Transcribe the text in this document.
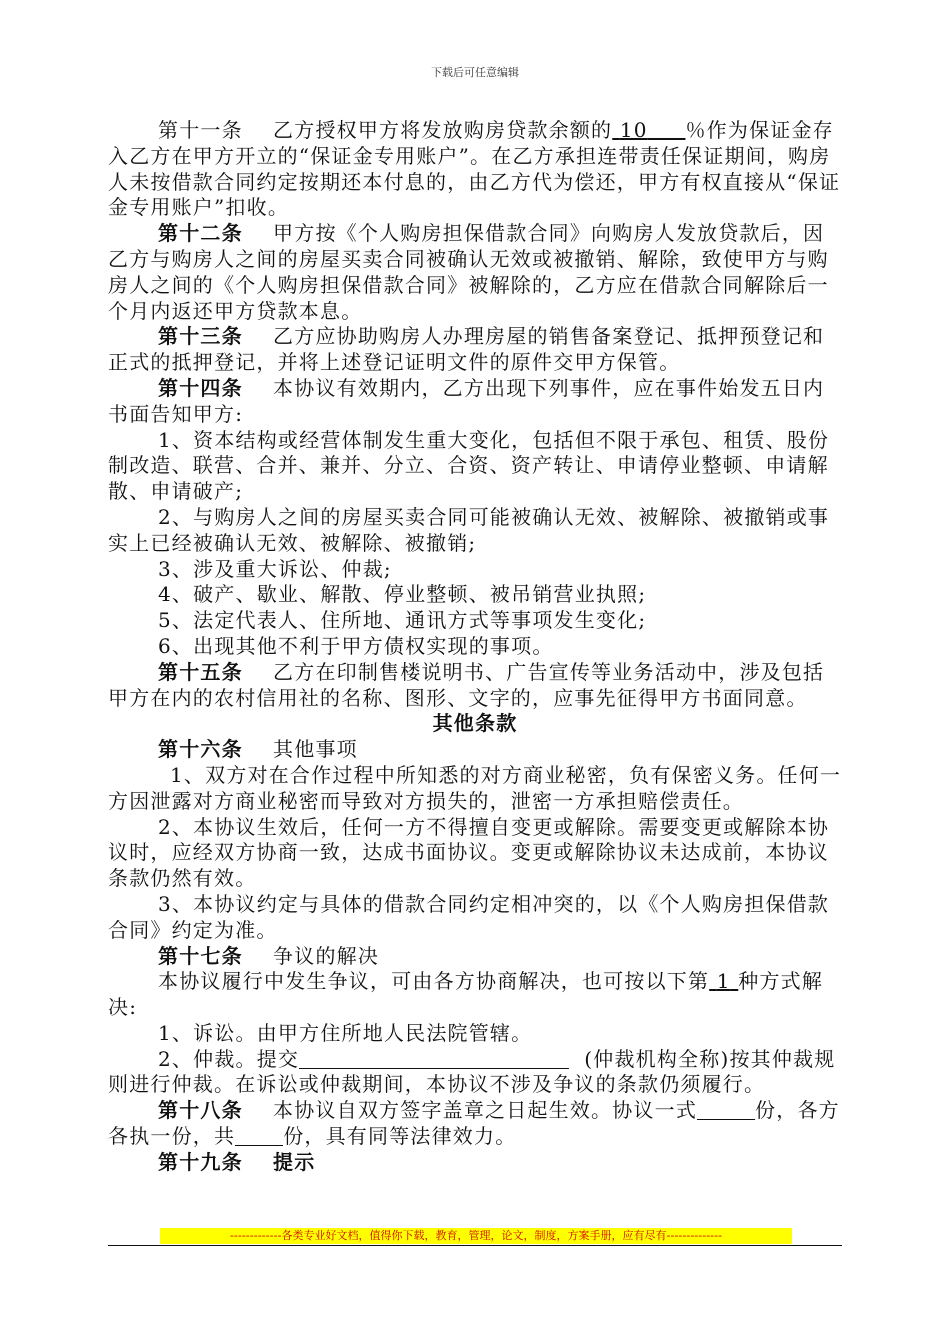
下载后可任意编辑

第十一条 乙方授权甲方将发放购房贷款余额的 10 ％作为保证金存入乙方在甲方开立的“保证金专用账户”。在乙方承担连带责任保证期间，购房人未按借款合同约定按期还本付息的，由乙方代为偿还，甲方有权直接从“保证金专用账户”扣收。

第十二条 甲方按《个人购房担保借款合同》向购房人发放贷款后，因乙方与购房人之间的房屋买卖合同被确认无效或被撤销、解除，致使甲方与购房人之间的《个人购房担保借款合同》被解除的，乙方应在借款合同解除后一个月内返还甲方贷款本息。

第十三条 乙方应协助购房人办理房屋的销售备案登记、抵押预登记和正式的抵押登记，并将上述登记证明文件的原件交甲方保管。

第十四条 本协议有效期内，乙方出现下列事件，应在事件始发五日内书面告知甲方:

1、资本结构或经营体制发生重大变化，包括但不限于承包、租赁、股份制改造、联营、合并、兼并、分立、合资、资产转让、申请停业整顿、申请解散、申请破产;

2、与购房人之间的房屋买卖合同可能被确认无效、被解除、被撤销或事实上已经被确认无效、被解除、被撤销;

3、涉及重大诉讼、仲裁;

4、破产、歇业、解散、停业整顿、被吊销营业执照;

5、法定代表人、住所地、通讯方式等事项发生变化;

6、出现其他不利于甲方债权实现的事项。

第十五条 乙方在印制售楼说明书、广告宣传等业务活动中，涉及包括甲方在内的农村信用社的名称、图形、文字的，应事先征得甲方书面同意。

其他条款

第十六条 其他事项

1、双方对在合作过程中所知悉的对方商业秘密，负有保密义务。任何一方因泄露对方商业秘密而导致对方损失的，泄密一方承担赔偿责任。

2、本协议生效后，任何一方不得擅自变更或解除。需要变更或解除本协议时，应经双方协商一致，达成书面协议。变更或解除协议未达成前，本协议条款仍然有效。

3、本协议约定与具体的借款合同约定相冲突的，以《个人购房担保借款合同》约定为准。

第十七条 争议的解决

本协议履行中发生争议，可由各方协商解决，也可按以下第 1 种方式解决:

1、诉讼。由甲方住所地人民法院管辖。

2、仲裁。提交	(仲裁机构全称)按其仲裁规则进行仲裁。在诉讼或仲裁期间，本协议不涉及争议的条款仍须履行。

第十八条 本协议自双方签字盖章之日起生效。协议一式	份，各方各执一份，共 份，具有同等法律效力。

第十九条 提示

-------------各类专业好文档，值得你下载，教育，管理，论文，制度，方案手册，应有尽有--------------
